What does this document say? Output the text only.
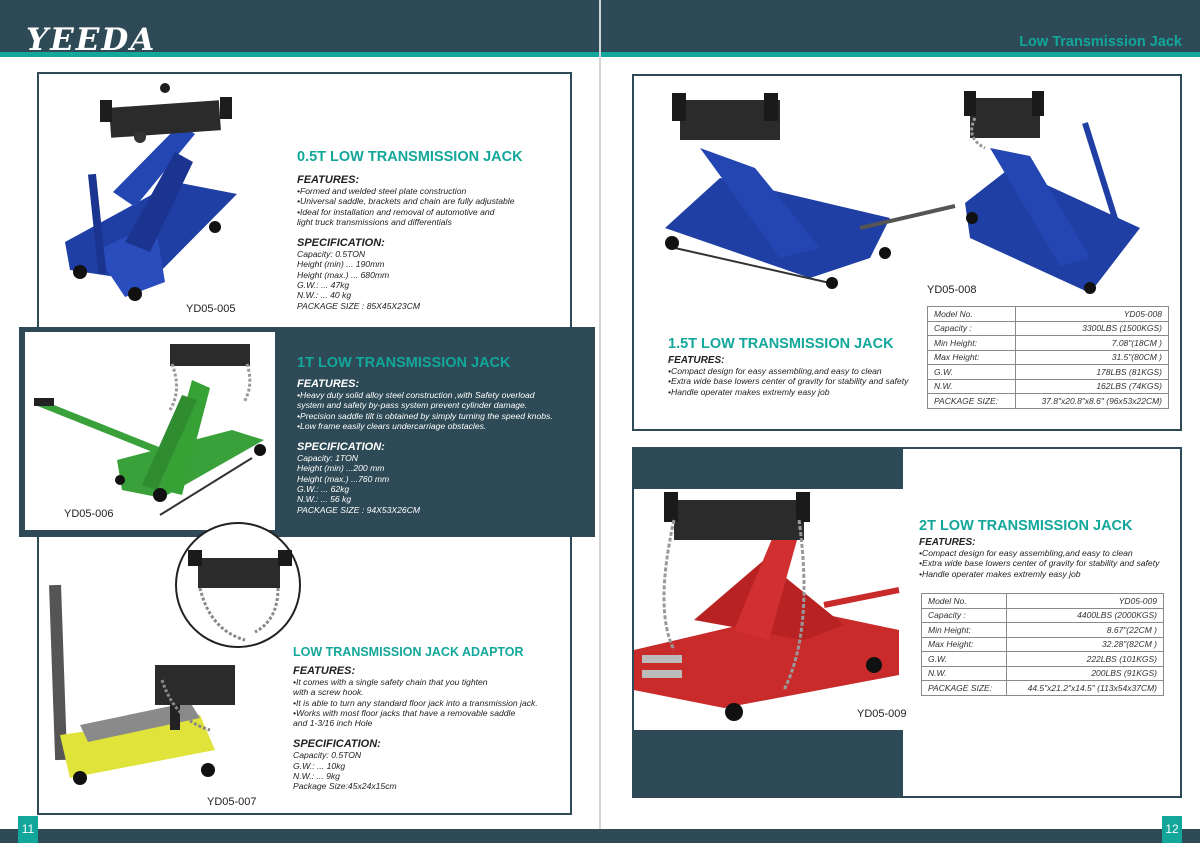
YEEDA	Low Transmission Jack
11	12
YD05-005
0.5T LOW TRANSMISSION JACK
FEATURES:
•Formed and welded steel plate construction
•Universal saddle, brackets and chain are fully adjustable
•Ideal for installation and removal of automotive and
light truck transmissions and differentials
SPECIFICATION:
Capacity: 0.5TON
Height (min) ... 190mm
Height (max.) ... 680mm
G.W.: ... 47kg
N.W.: ... 40 kg
PACKAGE SIZE : 85X45X23CM
YD05-006
1T LOW TRANSMISSION JACK
FEATURES:
•Heavy duty solid alloy steel construction ,with Safety overload
system and safety by-pass system prevent cylinder damage.
•Precision saddle tilt is obtained by simply turning the speed knobs.
•Low frame easily clears undercarriage obstacles.
SPECIFICATION:
Capacity: 1TON
Height (min) ...200 mm
Height (max.) ...760 mm
G.W.: ... 62kg
N.W.: ... 56 kg
PACKAGE SIZE : 94X53X26CM
YD05-007
LOW TRANSMISSION JACK ADAPTOR
FEATURES:
•It comes with a single safety chain that you tighten
with a screw hook.
•It is able to turn any standard floor jack into a transmission jack.
•Works with most floor jacks that have a removable saddle
and 1-3/16 inch Hole
SPECIFICATION:
Capacity: 0.5TON
G.W.: ... 10kg
N.W.: ... 9kg
Package Size:45x24x15cm
YD05-008
1.5T LOW TRANSMISSION JACK
FEATURES:
•Compact design for easy assembling,and easy to clean
•Extra wide base lowers center of gravity for stability and safety
•Handle operater makes extremly easy job
Model No.	YD05-008
Capacity :	3300LBS (1500KGS)
Min Height:	7.08"(18CM )
Max Height:	31.5"(80CM )
G.W.	178LBS (81KGS)
N.W.	162LBS (74KGS)
PACKAGE SIZE:	37.8"x20.8"x8.6" (96x53x22CM)
YD05-009
2T LOW TRANSMISSION JACK
FEATURES:
•Compact design for easy assembling,and easy to clean
•Extra wide base lowers center of gravity for stability and safety
•Handle operater makes extremly easy job
Model No.	YD05-009
Capacity :	4400LBS (2000KGS)
Min Height:	8.67"(22CM )
Max Height:	32.28"(82CM )
G.W.	222LBS (101KGS)
N.W.	200LBS (91KGS)
PACKAGE SIZE:	44.5"x21.2"x14.5" (113x54x37CM)
